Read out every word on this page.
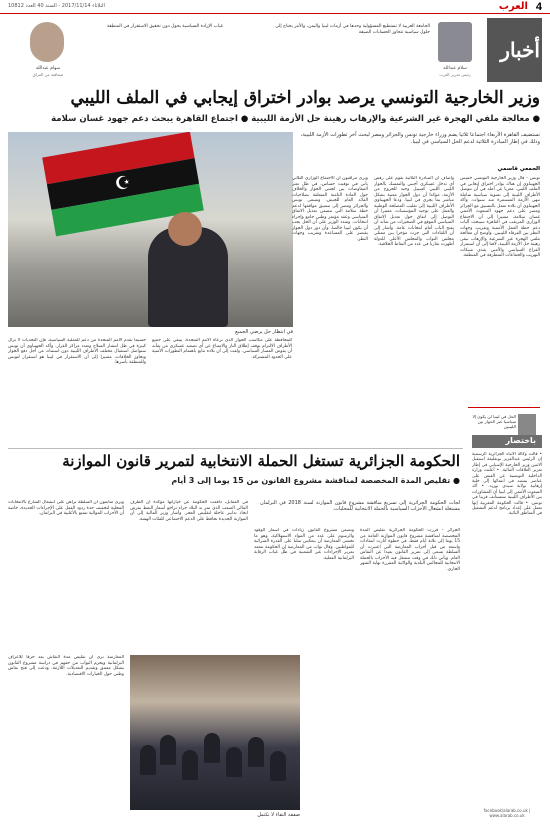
4
العرب
الثلاثاء 2017/11/14 - السنة 40 العدد 10812
أخبار
الجامعة العربية لا تستطيع المسؤولية وحدها في أزمات ليبيا واليمن، والأمر يحتاج إلى حلول سياسية تتجاوز الحسابات الضيقة
سلام عبدالله
رئيس تحرير العرب
غياب الإرادة السياسية يحول دون تحقيق الاستقرار في المنطقة
سهام عبدالله
صحافية من العراق
وزير الخارجية التونسي يرصد بوادر اختراق إيجابي في الملف الليبي
● معالجة ملفي الهجرة غير الشرعية والإرهاب رهينة حل الأزمة الليبية ● اجتماع القاهرة يبحث دعم جهود غسان سلامة
تستضيف القاهرة الأربعاء اجتماعا ثلاثيا يضم وزراء خارجية تونس والجزائر ومصر لبحث آخر تطورات الأزمة الليبية، وذلك في إطار المبادرة الثلاثية لدعم الحل السياسي في ليبيا.
الجمعي قاسمي
☪
في انتظار حل يرضي الجميع
تونس - قال وزير الخارجية التونسي خميس الجهيناوي إن هناك بوادر اختراق إيجابي في الملف الليبي، معربا عن أمله في أن تتوصل الأطراف الليبية إلى تسوية سياسية شاملة تنهي الأزمة المستمرة منذ سنوات. وأكد الجهيناوي أن بلاده تعمل بالتنسيق مع الجزائر ومصر على دعم جهود المبعوث الأممي غسان سلامة، مشيرا إلى أن الاجتماع الوزاري المرتقب في القاهرة سيبحث آليات دعم خطة العمل الأممية وتقريب وجهات النظر بين الفرقاء الليبيين. وأوضح أن معالجة ملفي الهجرة غير الشرعية والإرهاب تبقى رهينة حل الأزمة الليبية، لافتا إلى أن استمرار الفراغ السياسي والأمني يغذي شبكات التهريب والجماعات المتطرفة في المنطقة.
وأضاف أن المبادرة الثلاثية تقوم على رفض أي تدخل عسكري أجنبي والتمسك بالحوار الليبي الليبي كسبيل وحيد للخروج من الأزمة، مؤكدا أن دول الجوار معنية بشكل مباشر بما يجري في ليبيا. ودعا الجهيناوي الأطراف الليبية إلى تغليب المصلحة الوطنية والعمل على توحيد المؤسسات، معتبرا أن التوصل إلى اتفاق حول تعديل الاتفاق السياسي الموقع في الصخيرات من شأنه أن يفتح الباب أمام انتخابات عامة. وأشار إلى أن اللقاءات التي جرت مؤخرا بين ممثلي مجلس النواب والمجلس الأعلى للدولة أظهرت تقاربا في عدد من النقاط الخلافية.
ويرى مراقبون أن الاجتماع الوزاري الثلاثي يأتي في توقيت حساس، في ظل تعثر المفاوضات بين لجنتي الحوار والخلاف حول المادة الثامنة المتعلقة بصلاحيات القائد العام للجيش. وتسعى تونس والجزائر ومصر إلى تنسيق مواقفها لدعم خطة سلامة التي تتضمن تعديل الاتفاق السياسي وعقد مؤتمر وطني جامع وإجراء انتخابات. وشدد الوزير على أن الحل يجب أن يكون ليبيا خالصا، وأن دور دول الجوار يقتصر على المساعدة وتقريب وجهات النظر.
حسبما تقدم الأمم المتحدة من دعم للعملية السياسية، فإن التحديات لا تزال كبيرة في ظل انتشار السلاح وتعدد مراكز القرار. وأكد الجهيناوي أن تونس ستواصل استقبال مختلف الأطراف الليبية دون استثناء، من أجل دفع الحوار وتجاوز الخلافات، مشيرا إلى أن الاستقرار في ليبيا هو استقرار لتونس وللمنطقة بأسرها.
للمحافظة على مكاسب الحوار الذي ترعاه الأمم المتحدة، ينبغي على جميع الأطراف الالتزام بوقف إطلاق النار والامتناع عن أي تصعيد عسكري من شأنه أن يقوض المسار السياسي. ولفت إلى أن بلاده تتابع باهتمام التطورات الأمنية على الحدود المشتركة.
الحل في ليبيا لن يكون إلا سياسيا عبر الحوار بين الليبيين
باختصار
• قالت وكالة الأنباء الجزائرية الرسمية إن الرئيس عبدالعزيز بوتفليقة استقبل الاثنين وزير الخارجية الإسباني في إطار تعزيز العلاقات الثنائية. • أعلنت وزارة الداخلية التونسية عن القبض على عناصر يشتبه في انتمائها إلى خلية إرهابية بولاية سيدي بوزيد. • أكد المبعوث الأممي إلى ليبيا أن المشاورات بين الأطراف الليبية ستستأنف قريبا في تونس. • قالت الحكومة المغربية إنها تعمل على إعداد برنامج لدعم التشغيل في المناطق النائية.
facebook/alarab.co.uk | www.alarab.co.uk
الحكومة الجزائرية تستغل الحملة الانتخابية لتمرير قانون الموازنة
● تقليص المدة المخصصة لمناقشة مشروع القانون من 15 يوما إلى 3 أيام
لجأت الحكومة الجزائرية إلى تسريع مناقشة مشروع قانون الموازنة لسنة 2018 في البرلمان مستغلة انشغال الأحزاب السياسية بالحملة الانتخابية للمحليات.
الجزائر - قررت الحكومة الجزائرية تقليص المدة المخصصة لمناقشة مشروع قانون الموازنة العامة من 15 يوما إلى ثلاثة أيام فقط، في خطوة أثارت انتقادات واسعة من قبل أحزاب المعارضة التي اعتبرت أن السلطة تسعى إلى تمرير القانون بعيدا عن النقاش العام. ويأتي ذلك في وقت تنشغل فيه الأحزاب بالحملة الانتخابية للمجالس البلدية والولائية المقررة نهاية الشهر الجاري.
وتضمن مشروع القانون زيادات في أسعار الوقود والرسوم على عدد من المواد الاستهلاكية، وهو ما تخشى المعارضة أن ينعكس سلبا على القدرة الشرائية للمواطنين. وقال نواب من المعارضة إن الحكومة تتعمد تمرير الإجراءات غير الشعبية في ظل غياب الرقابة البرلمانية الفعلية.
في المقابل، دافعت الحكومة عن خياراتها مؤكدة أن الظرف المالي الصعب الذي تمر به البلاد جراء تراجع أسعار النفط يفرض اتخاذ تدابير عاجلة لتقليص العجز. وأشار وزير المالية إلى أن الموازنة الجديدة تحافظ على الدعم الاجتماعي للفئات الهشة.
ويرى متابعون أن السلطة تراهن على انشغال الشارع بالانتخابات المحلية لتخفيف حدة ردود الفعل على الإجراءات الجديدة، خاصة أن الأحزاب الموالية تتمتع بالأغلبية في البرلمان.
المعارضة ترى أن تقليص مدة النقاش يعد خرقا للأعراف البرلمانية ويحرم النواب من حقهم في دراسة مشروع القانون بشكل معمق وتقديم التعديلات اللازمة. ودعت إلى فتح نقاش وطني حول الخيارات الاقتصادية.
صفقة التقاء لا تكتمل
